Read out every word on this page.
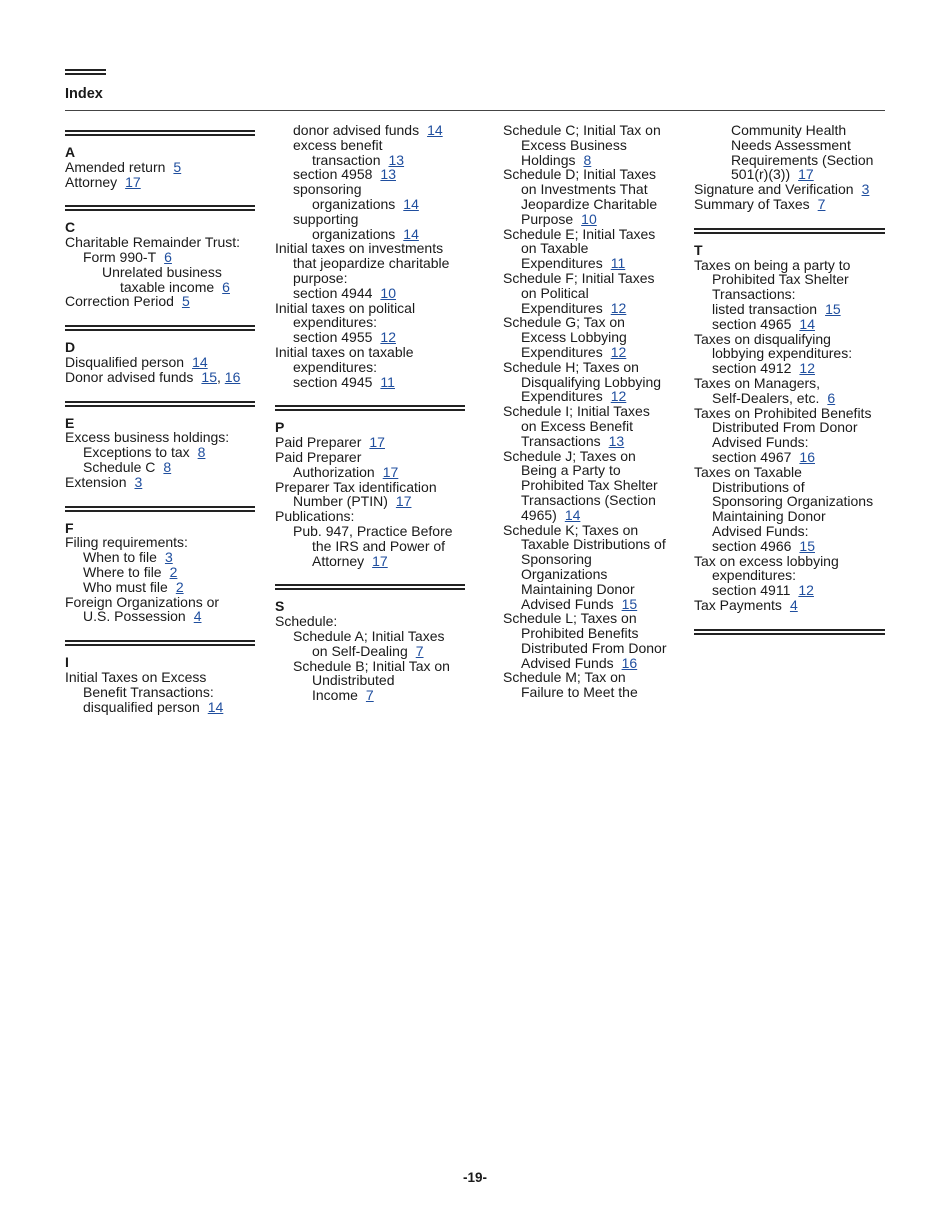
Index
A
Amended return 5
Attorney 17
C
Charitable Remainder Trust:
Form 990-T 6
Unrelated business
taxable income 6
Correction Period 5
D
Disqualified person 14
Donor advised funds 15, 16
E
Excess business holdings:
Exceptions to tax 8
Schedule C 8
Extension 3
F
Filing requirements:
When to file 3
Where to file 2
Who must file 2
Foreign Organizations or
U.S. Possession 4
I
Initial Taxes on Excess
Benefit Transactions:
disqualified person 14
donor advised funds 14
excess benefit
transaction 13
section 4958 13
sponsoring
organizations 14
supporting
organizations 14
Initial taxes on investments
that jeopardize charitable
purpose:
section 4944 10
Initial taxes on political
expenditures:
section 4955 12
Initial taxes on taxable
expenditures:
section 4945 11
P
Paid Preparer 17
Paid Preparer
Authorization 17
Preparer Tax identification
Number (PTIN) 17
Publications:
Pub. 947, Practice Before
the IRS and Power of
Attorney 17
S
Schedule:
Schedule A; Initial Taxes
on Self-Dealing 7
Schedule B; Initial Tax on
Undistributed
Income 7
Schedule C; Initial Tax on
Excess Business
Holdings 8
Schedule D; Initial Taxes
on Investments That
Jeopardize Charitable
Purpose 10
Schedule E; Initial Taxes
on Taxable
Expenditures 11
Schedule F; Initial Taxes
on Political
Expenditures 12
Schedule G; Tax on
Excess Lobbying
Expenditures 12
Schedule H; Taxes on
Disqualifying Lobbying
Expenditures 12
Schedule I; Initial Taxes
on Excess Benefit
Transactions 13
Schedule J; Taxes on
Being a Party to
Prohibited Tax Shelter
Transactions (Section
4965) 14
Schedule K; Taxes on
Taxable Distributions of
Sponsoring
Organizations
Maintaining Donor
Advised Funds 15
Schedule L; Taxes on
Prohibited Benefits
Distributed From Donor
Advised Funds 16
Schedule M; Tax on
Failure to Meet the
Community Health
Needs Assessment
Requirements (Section
501(r)(3)) 17
Signature and Verification 3
Summary of Taxes 7
T
Taxes on being a party to
Prohibited Tax Shelter
Transactions:
listed transaction 15
section 4965 14
Taxes on disqualifying
lobbying expenditures:
section 4912 12
Taxes on Managers,
Self-Dealers, etc. 6
Taxes on Prohibited Benefits
Distributed From Donor
Advised Funds:
section 4967 16
Taxes on Taxable
Distributions of
Sponsoring Organizations
Maintaining Donor
Advised Funds:
section 4966 15
Tax on excess lobbying
expenditures:
section 4911 12
Tax Payments 4
-19-
